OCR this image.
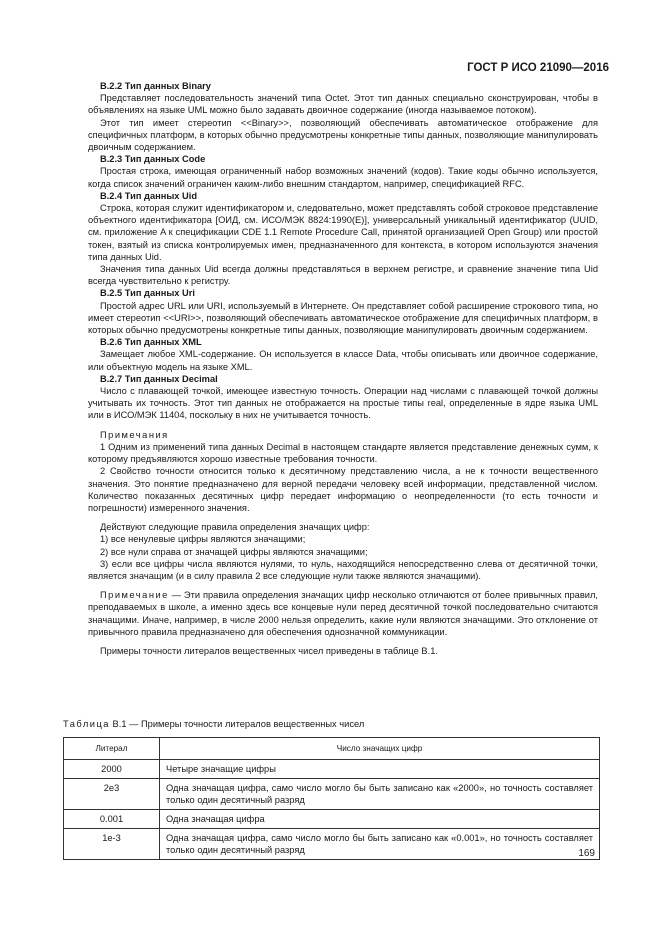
ГОСТ Р ИСО 21090—2016

B.2.2 Тип данных Binary

Представляет последовательность значений типа Octet. Этот тип данных специально сконструирован, чтобы в объявлениях на языке UML можно было задавать двоичное содержание (иногда называемое потоком).

Этот тип имеет стереотип <<Binary>>, позволяющий обеспечивать автоматическое отображение для специфичных платформ, в которых обычно предусмотрены конкретные типы данных, позволяющие манипулировать двоичным содержанием.

B.2.3 Тип данных Code

Простая строка, имеющая ограниченный набор возможных значений (кодов). Такие коды обычно используется, когда список значений ограничен каким-либо внешним стандартом, например, спецификацией RFC.

B.2.4 Тип данных Uid

Строка, которая служит идентификатором и, следовательно, может представлять собой строковое представление объектного идентификатора [ОИД, см. ИСО/МЭК 8824:1990(E)], универсальный уникальный идентификатор (UUID, см. приложение A к спецификации CDE 1.1 Remote Procedure Call, принятой организацией Open Group) или простой токен, взятый из списка контролируемых имен, предназначенного для контекста, в котором используются значения типа данных Uid.

Значения типа данных Uid всегда должны представляться в верхнем регистре, и сравнение значение типа Uid всегда чувствительно к регистру.

B.2.5 Тип данных Uri

Простой адрес URL или URI, используемый в Интернете. Он представляет собой расширение строкового типа, но имеет стереотип <<URI>>, позволяющий обеспечивать автоматическое отображение для специфичных платформ, в которых обычно предусмотрены конкретные типы данных, позволяющие манипулировать двоичным содержанием.

B.2.6 Тип данных XML

Замещает любое XML-содержание. Он используется в классе Data, чтобы описывать или двоичное содержание, или объектную модель на языке XML.

B.2.7 Тип данных Decimal

Число с плавающей точкой, имеющее известную точность. Операции над числами с плавающей точкой должны учитывать их точность. Этот тип данных не отображается на простые типы real, определенные в ядре языка UML или в ИСО/МЭК 11404, поскольку в них не учитывается точность.

Примечания

1 Одним из применений типа данных Decimal в настоящем стандарте является представление денежных сумм, к которому предъявляются хорошо известные требования точности.

2 Свойство точности относится только к десятичному представлению числа, а не к точности вещественного значения. Это понятие предназначено для верной передачи человеку всей информации, представленной числом. Количество показанных десятичных цифр передает информацию о неопределенности (то есть точности и погрешности) измеренного значения.

Действуют следующие правила определения значащих цифр:

1) все ненулевые цифры являются значащими;

2) все нули справа от значащей цифры являются значащими;

3) если все цифры числа являются нулями, то нуль, находящийся непосредственно слева от десятичной точки, является значащим (и в силу правила 2 все следующие нули также являются значащими).

Примечание — Эти правила определения значащих цифр несколько отличаются от более привычных правил, преподаваемых в школе, а именно здесь все концевые нули перед десятичной точкой последовательно считаются значащими. Иначе, например, в числе 2000 нельзя определить, какие нули являются значащими. Это отклонение от привычного правила предназначено для обеспечения однозначной коммуникации.

Примеры точности литералов вещественных чисел приведены в таблице B.1.

Таблица B.1 — Примеры точности литералов вещественных чисел
Литерал	Число значащих цифр
2000	Четыре значащие цифры
2e3	Одна значащая цифра, само число могло бы быть записано как «2000», но точность составляет только один десятичный разряд
0.001	Одна значащая цифра
1e-3	Одна значащая цифра, само число могло бы быть записано как «0.001», но точность составляет только один десятичный разряд	169
